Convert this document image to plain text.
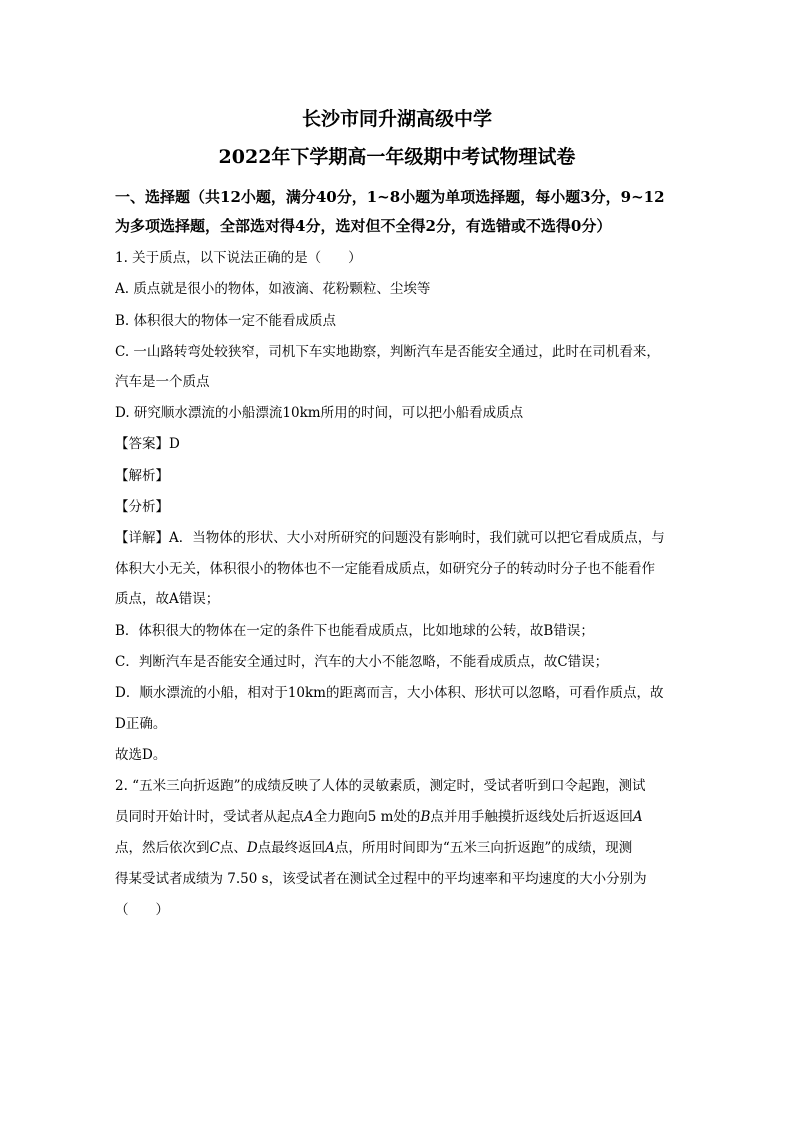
长沙市同升湖高级中学
2022年下学期高一年级期中考试物理试卷
一、选择题（共12小题，满分40分，1~8小题为单项选择题，每小题3分，9~12
为多项选择题，全部选对得4分，选对但不全得2分，有选错或不选得0分）
1. 关于质点，以下说法正确的是（　　）
A. 质点就是很小的物体，如液滴、花粉颗粒、尘埃等
B. 体积很大的物体一定不能看成质点
C. 一山路转弯处较狭窄，司机下车实地勘察，判断汽车是否能安全通过，此时在司机看来，
汽车是一个质点
D. 研究顺水漂流的小船漂流10km所用的时间，可以把小船看成质点
【答案】D
【解析】
【分析】
【详解】A．当物体的形状、大小对所研究的问题没有影响时，我们就可以把它看成质点，与
体积大小无关，体积很小的物体也不一定能看成质点，如研究分子的转动时分子也不能看作
质点，故A错误；
B．体积很大的物体在一定的条件下也能看成质点，比如地球的公转，故B错误；
C．判断汽车是否能安全通过时，汽车的大小不能忽略，不能看成质点，故C错误；
D．顺水漂流的小船，相对于10km的距离而言，大小体积、形状可以忽略，可看作质点，故
D正确。
故选D。
2. “五米三向折返跑”的成绩反映了人体的灵敏素质，测定时，受试者听到口令起跑，测试
员同时开始计时，受试者从起点A全力跑向5 m处的B点并用手触摸折返线处后折返返回A
点，然后依次到C点、D点最终返回A点，所用时间即为“五米三向折返跑”的成绩，现测
得某受试者成绩为 7.50 s，该受试者在测试全过程中的平均速率和平均速度的大小分别为
（　　）
